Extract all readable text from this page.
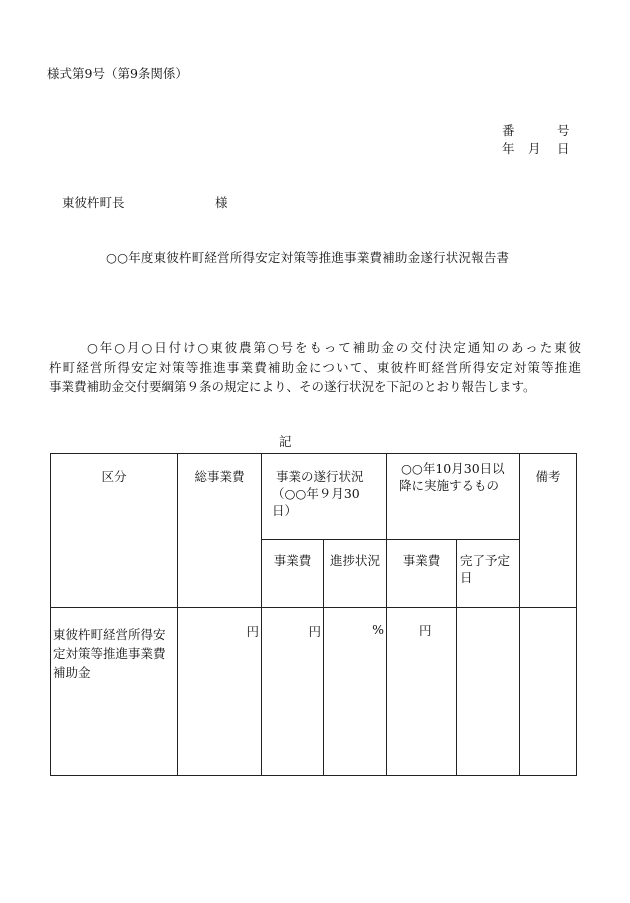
様式第9号（第9条関係）
番	号
年 月 日
東彼杵町長	様
○○年度東彼杵町経営所得安定対策等推進事業費補助金遂行状況報告書

○年○月○日付け○東彼農第○号をもって補助金の交付決定通知のあった東彼

杵町経営所得安定対策等推進事業費補助金について、東彼杵町経営所得安定対策等推進

事業費補助金交付要綱第９条の規定により、その遂行状況を下記のとおり報告します。

記
区分	総事業費	事業の遂行状況（○○年９月30日）		○○年10月30日以降に実施するもの		備考
		事業費	進捗状況	事業費	完了予定日	
東彼杵町経営所得安定対策等推進事業費補助金	円	円	%	円		
